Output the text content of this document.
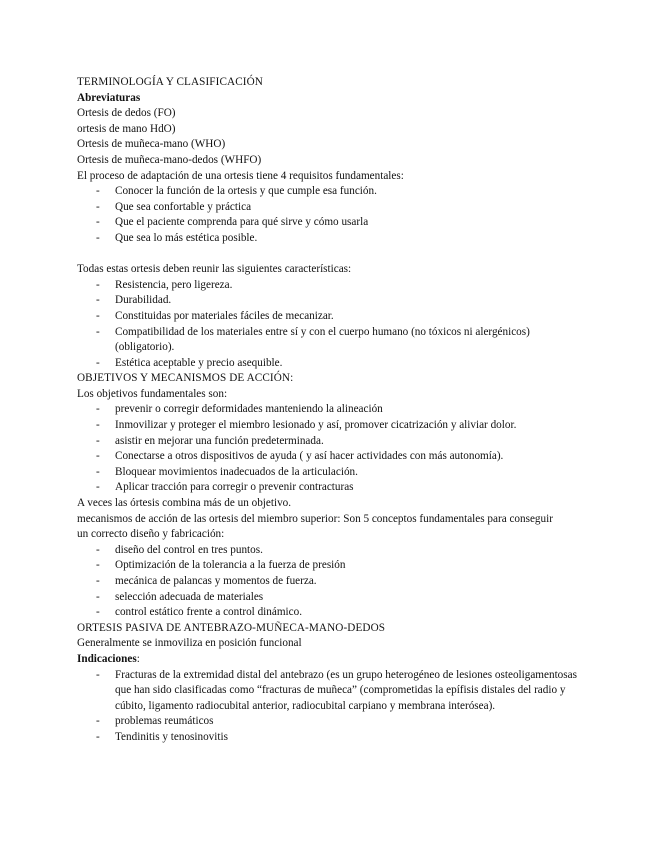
TERMINOLOGÍA Y CLASIFICACIÓN

Abreviaturas

Ortesis de dedos (FO)

ortesis de mano HdO)

Ortesis de muñeca-mano (WHO)

Ortesis de muñeca-mano-dedos (WHFO)

El proceso de adaptación de una ortesis tiene 4 requisitos fundamentales:

- Conocer la función de la ortesis y que cumple esa función.
- Que sea confortable y práctica
- Que el paciente comprenda para qué sirve y cómo usarla
- Que sea lo más estética posible.

Todas estas ortesis deben reunir las siguientes características:

- Resistencia, pero ligereza.
- Durabilidad.
- Constituidas por materiales fáciles de mecanizar.
- Compatibilidad de los materiales entre sí y con el cuerpo humano (no tóxicos ni alergénicos)(obligatorio).
- Estética aceptable y precio asequible.

OBJETIVOS Y MECANISMOS DE ACCIÓN:

Los objetivos fundamentales son:

- prevenir o corregir deformidades manteniendo la alineación
- Inmovilizar y proteger el miembro lesionado y así, promover cicatrización y aliviar dolor.
- asistir en mejorar una función predeterminada.
- Conectarse a otros dispositivos de ayuda ( y así hacer actividades con más autonomía).
- Bloquear movimientos inadecuados de la articulación.
- Aplicar tracción para corregir o prevenir contracturas

A veces las órtesis combina más de un objetivo.

mecanismos de acción de las ortesis del miembro superior: Son 5 conceptos fundamentales para conseguir

un correcto diseño y fabricación:

- diseño del control en tres puntos.
- Optimización de la tolerancia a la fuerza de presión
- mecánica de palancas y momentos de fuerza.
- selección adecuada de materiales
- control estático frente a control dinámico.

ORTESIS PASIVA DE ANTEBRAZO-MUÑECA-MANO-DEDOS

Generalmente se inmoviliza en posición funcional

Indicaciones:

- Fracturas de la extremidad distal del antebrazo (es un grupo heterogéneo de lesiones osteoligamentosas que han sido clasificadas como “fracturas de muñeca” (comprometidas la epífisis distales del radio y cúbito, ligamento radiocubital anterior, radiocubital carpiano y membrana interósea).
- problemas reumáticos
- Tendinitis y tenosinovitis
